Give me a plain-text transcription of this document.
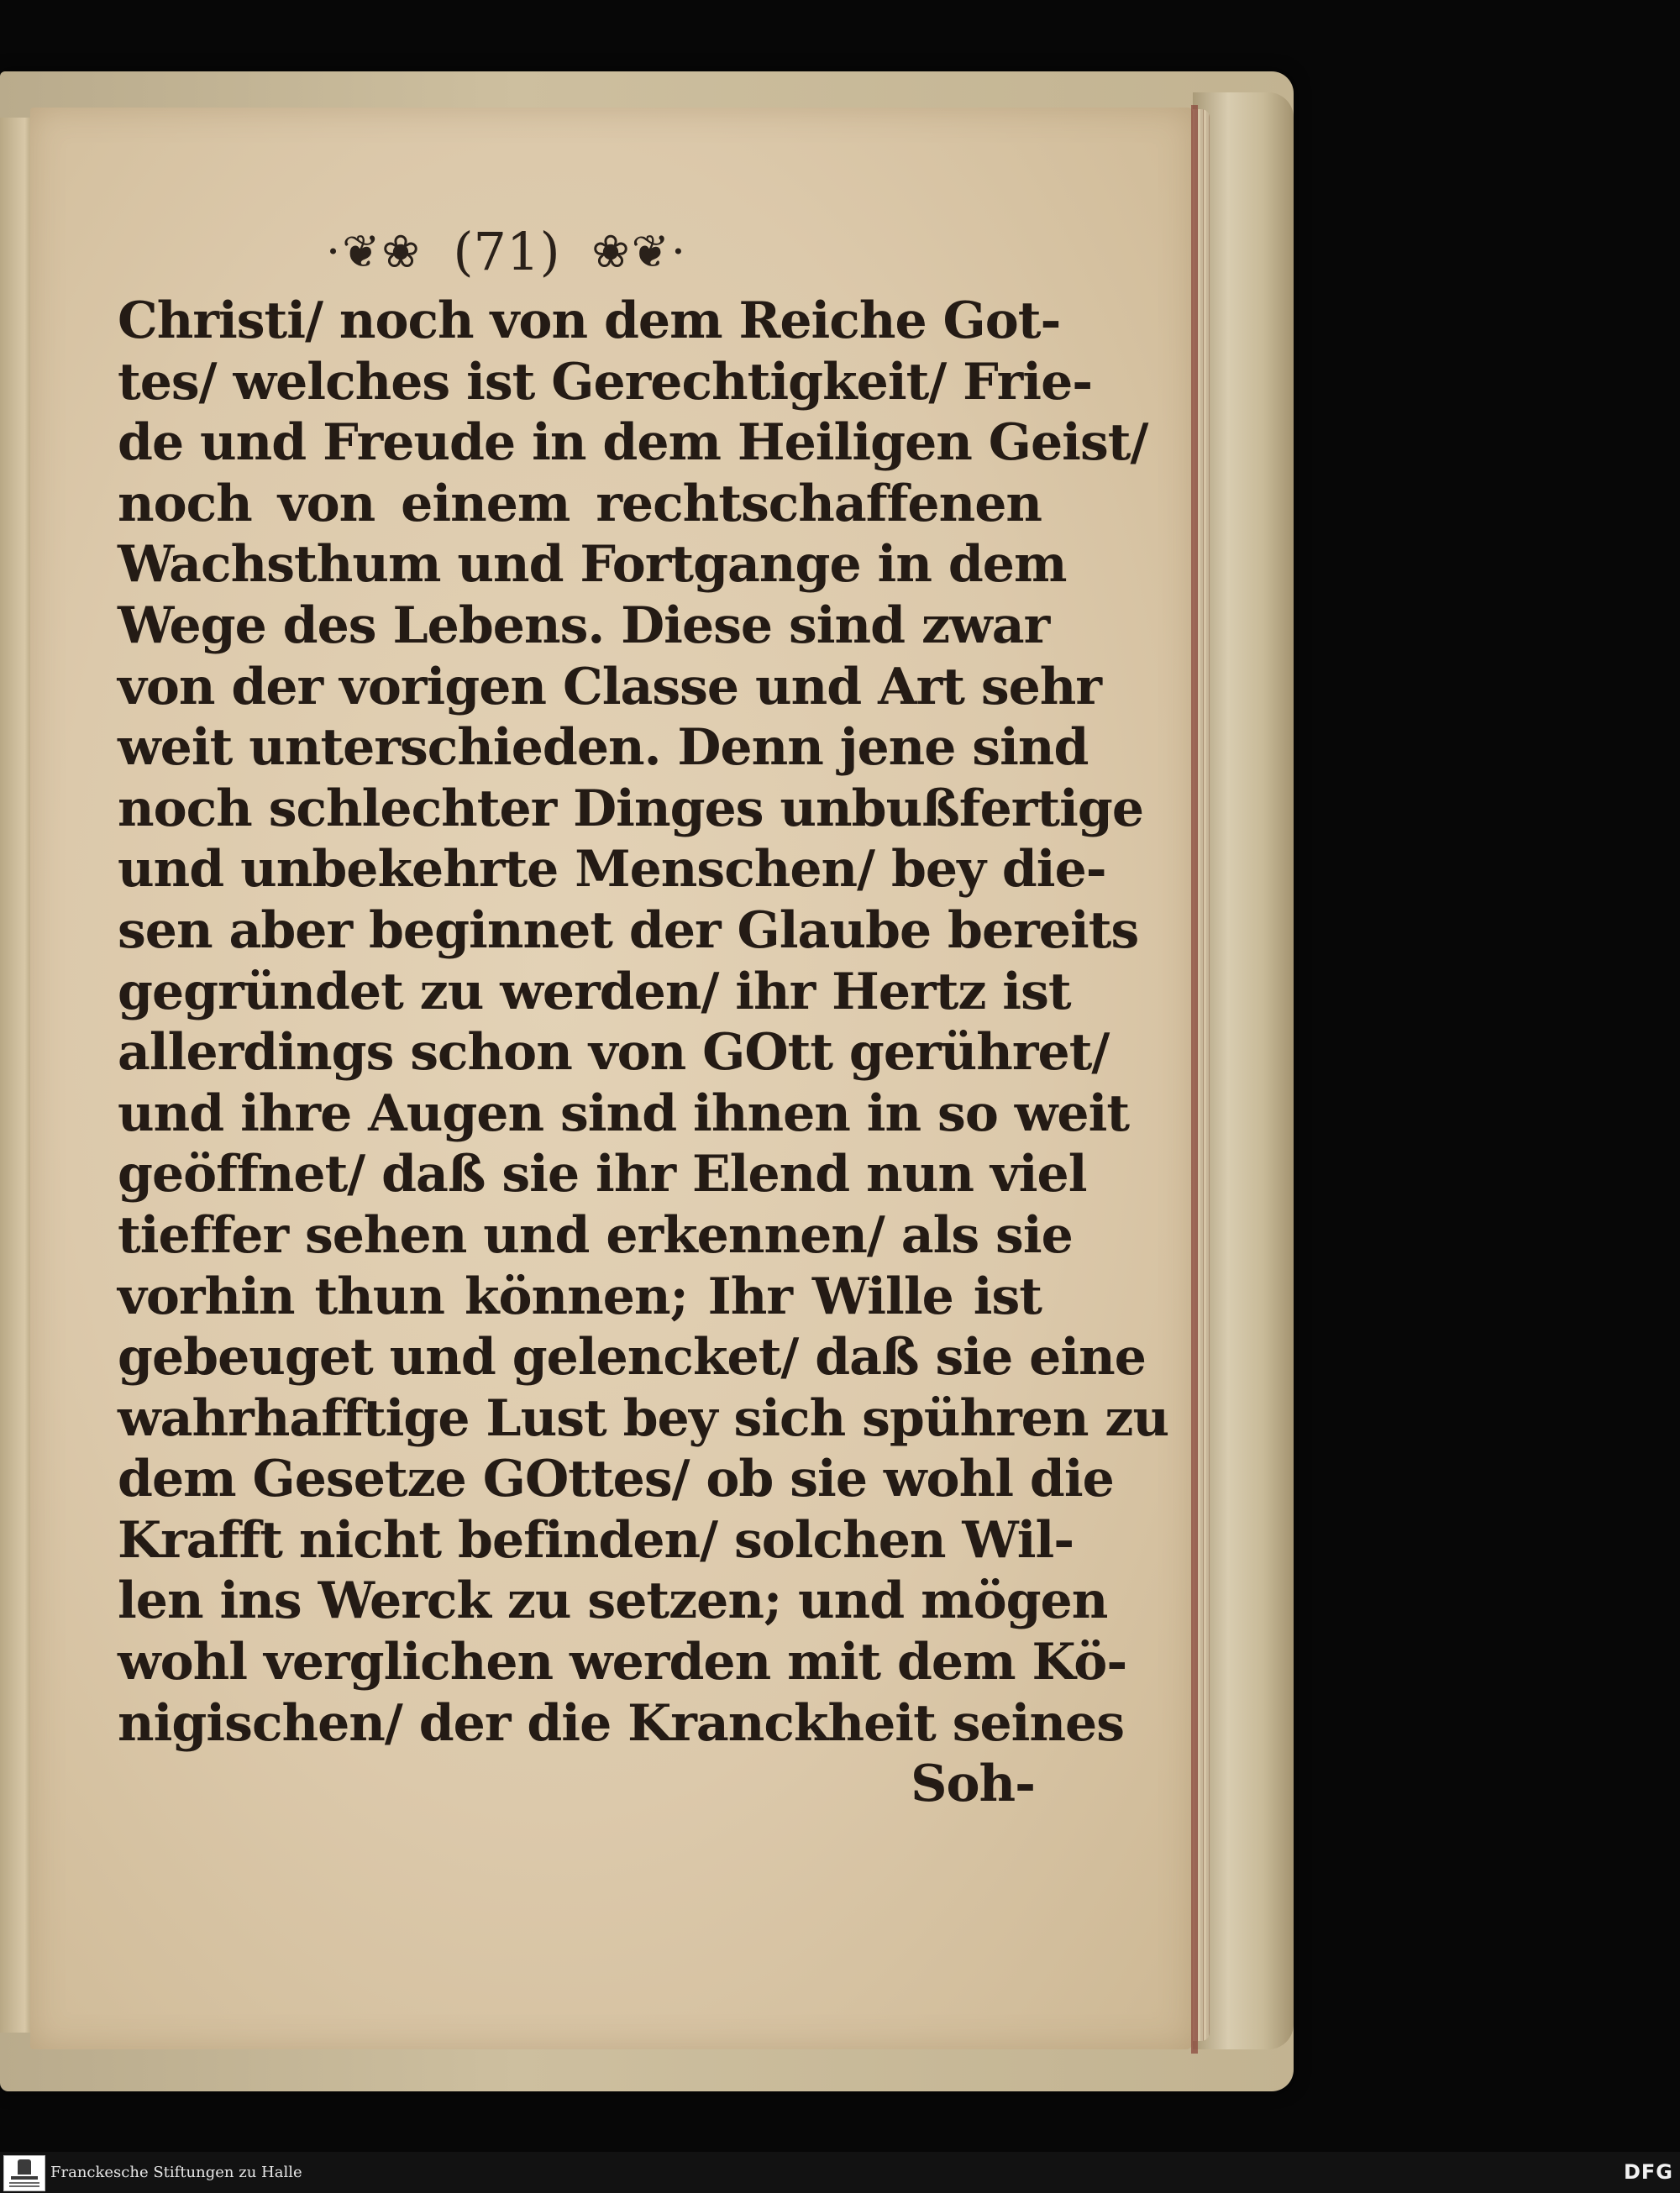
·❦❀ (71) ❀❦·
Christi/ noch von dem Reiche Got-
tes/ welches ist Gerechtigkeit/ Frie-
de und Freude in dem Heiligen Geist/
noch von einem rechtschaffenen
Wachsthum und Fortgange in dem
Wege des Lebens. Diese sind zwar
von der vorigen Classe und Art sehr
weit unterschieden. Denn jene sind
noch schlechter Dinges unbußfertige
und unbekehrte Menschen/ bey die-
sen aber beginnet der Glaube bereits
gegründet zu werden/ ihr Hertz ist
allerdings schon von GOtt gerühret/
und ihre Augen sind ihnen in so weit
geöffnet/ daß sie ihr Elend nun viel
tieffer sehen und erkennen/ als sie
vorhin thun können; Ihr Wille ist
gebeuget und gelencket/ daß sie eine
wahrhafftige Lust bey sich spühren zu
dem Gesetze GOttes/ ob sie wohl die
Krafft nicht befinden/ solchen Wil-
len ins Werck zu setzen; und mögen
wohl verglichen werden mit dem Kö-
nigischen/ der die Kranckheit seines
Soh-
Franckesche Stiftungen zu Halle	DFG
